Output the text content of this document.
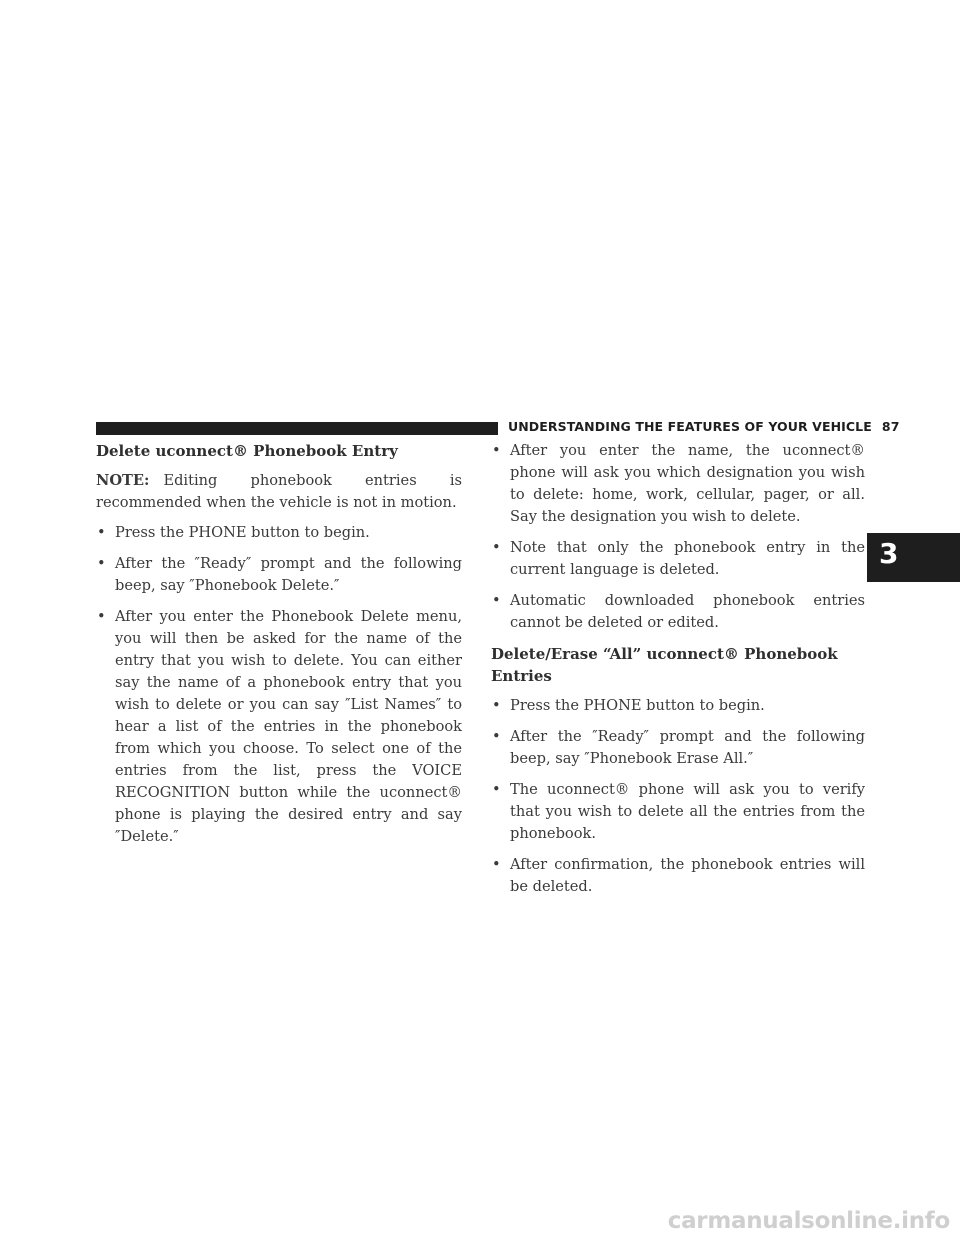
UNDERSTANDING THE FEATURES OF YOUR VEHICLE 87
3
Delete uconnect® Phonebook Entry

NOTE: Editing phonebook entries is recommended when the vehicle is not in motion.

• Press the PHONE button to begin.
• After the ″Ready″ prompt and the following beep, say ″Phonebook Delete.″
• After you enter the Phonebook Delete menu, you will then be asked for the name of the entry that you wish to delete. You can either say the name of a phonebook entry that you wish to delete or you can say ″List Names″ to hear a list of the entries in the phonebook from which you choose. To select one of the entries from the list, press the VOICE RECOGNITION button while the uconnect® phone is playing the desired entry and say ″Delete.″
• After you enter the name, the uconnect® phone will ask you which designation you wish to delete: home, work, cellular, pager, or all. Say the designation you wish to delete.
• Note that only the phonebook entry in the current language is deleted.
• Automatic downloaded phonebook entries cannot be deleted or edited.
Delete/Erase “All” uconnect® Phonebook Entries
• Press the PHONE button to begin.
• After the ″Ready″ prompt and the following beep, say ″Phonebook Erase All.″
• The uconnect® phone will ask you to verify that you wish to delete all the entries from the phonebook.
• After confirmation, the phonebook entries will be deleted.
carmanualsonline.info
